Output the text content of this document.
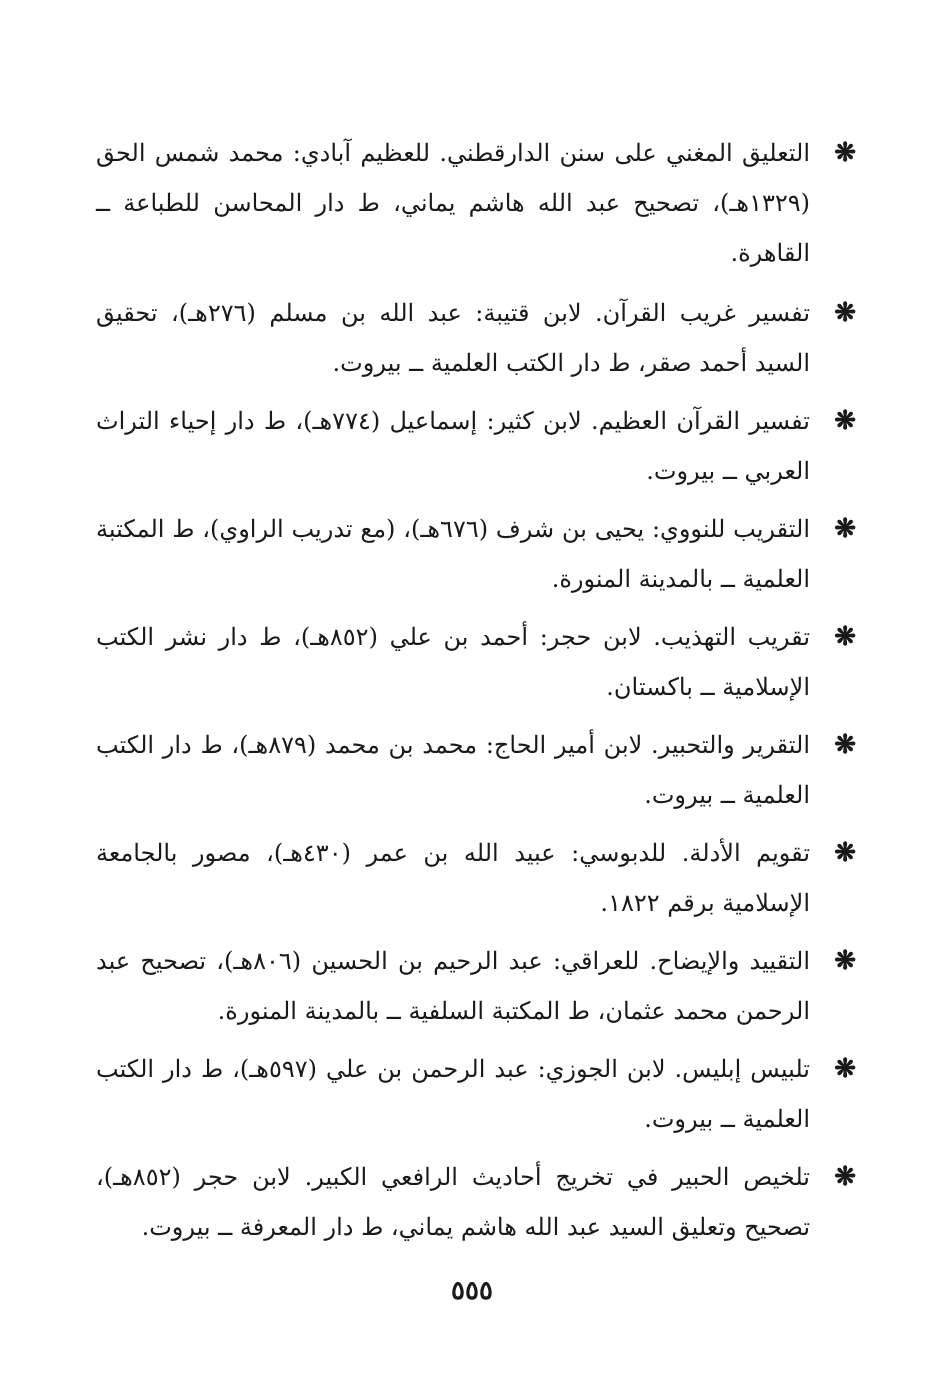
❋
التعليق المغني على سنن الدارقطني. للعظيم آبادي: محمد شمس الحق (١٣٢٩هـ)، تصحيح عبد الله هاشم يماني، ط دار المحاسن للطباعة ــ القاهرة.
❋
تفسير غريب القرآن. لابن قتيبة: عبد الله بن مسلم (٢٧٦هـ)، تحقيق السيد أحمد صقر، ط دار الكتب العلمية ــ بيروت.
❋
تفسير القرآن العظيم. لابن كثير: إسماعيل (٧٧٤هـ)، ط دار إحياء التراث العربي ــ بيروت.
❋
التقريب للنووي: يحيى بن شرف (٦٧٦هـ)، (مع تدريب الراوي)، ط المكتبة العلمية ــ بالمدينة المنورة.
❋
تقريب التهذيب. لابن حجر: أحمد بن علي (٨٥٢هـ)، ط دار نشر الكتب الإسلامية ــ باكستان.
❋
التقرير والتحبير. لابن أمير الحاج: محمد بن محمد (٨٧٩هـ)، ط دار الكتب العلمية ــ بيروت.
❋
تقويم الأدلة. للدبوسي: عبيد الله بن عمر (٤٣٠هـ)، مصور بالجامعة الإسلامية برقم ١٨٢٢.
❋
التقييد والإيضاح. للعراقي: عبد الرحيم بن الحسين (٨٠٦هـ)، تصحيح عبد الرحمن محمد عثمان، ط المكتبة السلفية ــ بالمدينة المنورة.
❋
تلبيس إبليس. لابن الجوزي: عبد الرحمن بن علي (٥٩٧هـ)، ط دار الكتب العلمية ــ بيروت.
❋
تلخيص الحبير في تخريج أحاديث الرافعي الكبير. لابن حجر (٨٥٢هـ)، تصحيح وتعليق السيد عبد الله هاشم يماني، ط دار المعرفة ــ بيروت.
٥٥٥
